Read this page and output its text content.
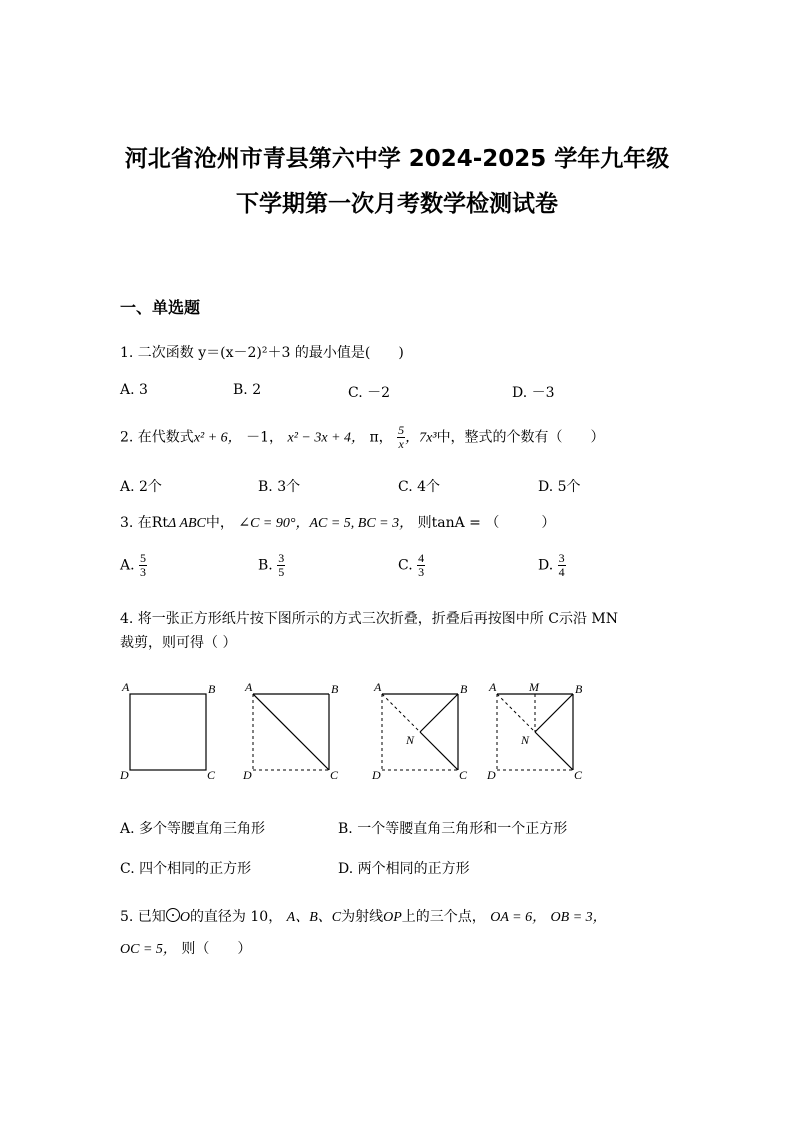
河北省沧州市青县第六中学 2024-2025 学年九年级
下学期第一次月考数学检测试卷
一、单选题
1. 二次函数 y＝(x－2)²＋3 的最小值是(　　)
A. 3	B. 2	C. －2	D. －3
2. 在代数式x² + 6， －1， x² − 3x + 4， π， $\frac{5}{x}$ ，7x³中，整式的个数有（　　）
A. 2个	B. 3个	C. 4个	D. 5个
3. 在RtΔ ABC中， ∠C = 90°，AC = 5, BC = 3， 则tanA = （　　　）
A. $\frac{5}{3}$	B. $\frac{3}{5}$	C. $\frac{4}{3}$	D. $\frac{3}{4}$
4. 将一张正方形纸片按下图所示的方式三次折叠，折叠后再按图中所 C示沿 MN
裁剪，则可得（ ）
A	B
D	C
A	B
D	C
A	B
N
D	C
A	M	B
N
D	C
A. 多个等腰直角三角形	B. 一个等腰直角三角形和一个正方形
C. 四个相同的正方形	D. 两个相同的正方形
5. 已知 O的直径为 10， A、B、C为射线OP上的三个点， OA = 6， OB = 3，
OC = 5， 则（　　）
